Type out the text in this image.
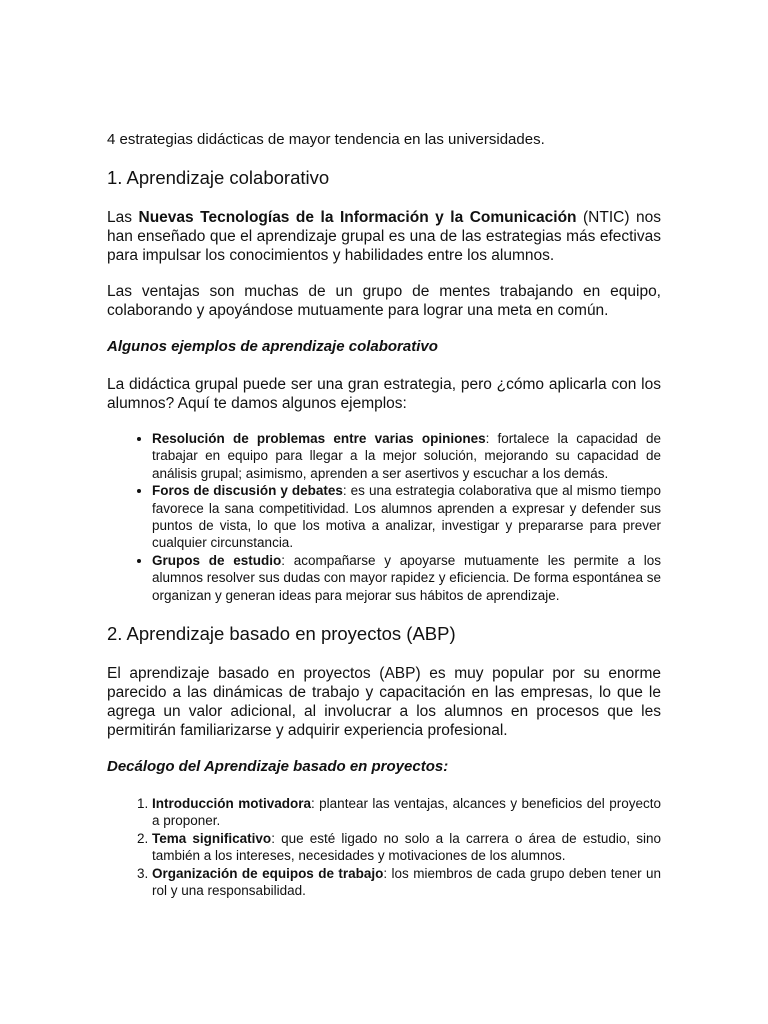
4 estrategias didácticas de mayor tendencia en las universidades.

1. Aprendizaje colaborativo

Las Nuevas Tecnologías de la Información y la Comunicación (NTIC) nos han enseñado que el aprendizaje grupal es una de las estrategias más efectivas para impulsar los conocimientos y habilidades entre los alumnos.

Las ventajas son muchas de un grupo de mentes trabajando en equipo, colaborando y apoyándose mutuamente para lograr una meta en común.

Algunos ejemplos de aprendizaje colaborativo

La didáctica grupal puede ser una gran estrategia, pero ¿cómo aplicarla con los alumnos? Aquí te damos algunos ejemplos:

• Resolución de problemas entre varias opiniones: fortalece la capacidad de trabajar en equipo para llegar a la mejor solución, mejorando su capacidad de análisis grupal; asimismo, aprenden a ser asertivos y escuchar a los demás.
• Foros de discusión y debates: es una estrategia colaborativa que al mismo tiempo favorece la sana competitividad. Los alumnos aprenden a expresar y defender sus puntos de vista, lo que los motiva a analizar, investigar y prepararse para prever cualquier circunstancia.
• Grupos de estudio: acompañarse y apoyarse mutuamente les permite a los alumnos resolver sus dudas con mayor rapidez y eficiencia. De forma espontánea se organizan y generan ideas para mejorar sus hábitos de aprendizaje.
2. Aprendizaje basado en proyectos (ABP)

El aprendizaje basado en proyectos (ABP) es muy popular por su enorme parecido a las dinámicas de trabajo y capacitación en las empresas, lo que le agrega un valor adicional, al involucrar a los alumnos en procesos que les permitirán familiarizarse y adquirir experiencia profesional.

Decálogo del Aprendizaje basado en proyectos:

1. Introducción motivadora: plantear las ventajas, alcances y beneficios del proyecto a proponer.
2. Tema significativo: que esté ligado no solo a la carrera o área de estudio, sino también a los intereses, necesidades y motivaciones de los alumnos.
3. Organización de equipos de trabajo: los miembros de cada grupo deben tener un rol y una responsabilidad.
